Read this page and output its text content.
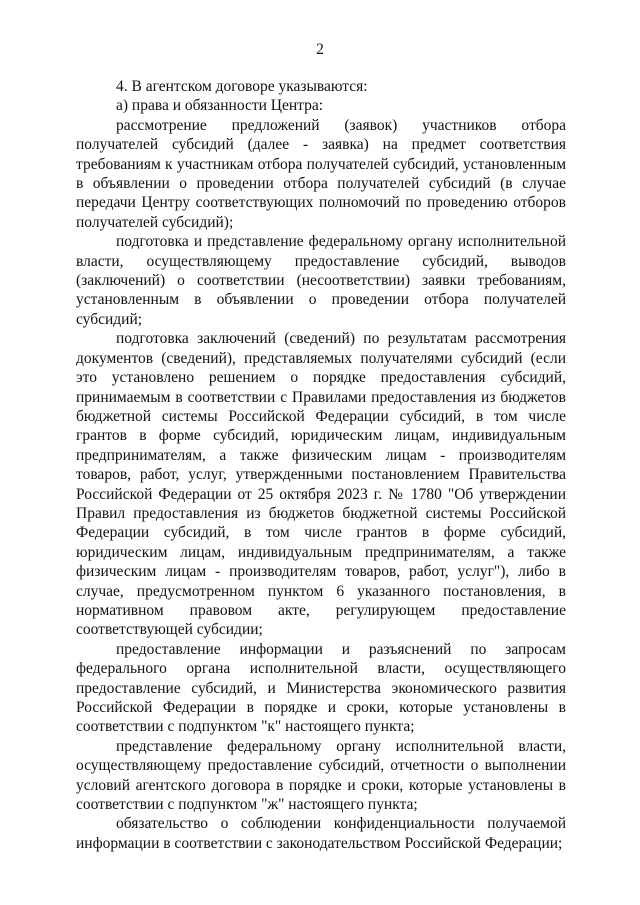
2

4. В агентском договоре указываются:

а) права и обязанности Центра:

рассмотрение предложений (заявок) участников отбора получателей субсидий (далее - заявка) на предмет соответствия требованиям к участникам отбора получателей субсидий, установленным в объявлении о проведении отбора получателей субсидий (в случае передачи Центру соответствующих полномочий по проведению отборов получателей субсидий);

подготовка и представление федеральному органу исполнительной власти, осуществляющему предоставление субсидий, выводов (заключений) о соответствии (несоответствии) заявки требованиям, установленным в объявлении о проведении отбора получателей субсидий;

подготовка заключений (сведений) по результатам рассмотрения документов (сведений), представляемых получателями субсидий (если это установлено решением о порядке предоставления субсидий, принимаемым в соответствии с Правилами предоставления из бюджетов бюджетной системы Российской Федерации субсидий, в том числе грантов в форме субсидий, юридическим лицам, индивидуальным предпринимателям, а также физическим лицам - производителям товаров, работ, услуг, утвержденными постановлением Правительства Российской Федерации от 25 октября 2023 г. № 1780 "Об утверждении Правил предоставления из бюджетов бюджетной системы Российской Федерации субсидий, в том числе грантов в форме субсидий, юридическим лицам, индивидуальным предпринимателям, а также физическим лицам - производителям товаров, работ, услуг"), либо в случае, предусмотренном пунктом 6 указанного постановления, в нормативном правовом акте, регулирующем предоставление соответствующей субсидии;

предоставление информации и разъяснений по запросам федерального органа исполнительной власти, осуществляющего предоставление субсидий, и Министерства экономического развития Российской Федерации в порядке и сроки, которые установлены в соответствии с подпунктом "к" настоящего пункта;

представление федеральному органу исполнительной власти, осуществляющему предоставление субсидий, отчетности о выполнении условий агентского договора в порядке и сроки, которые установлены в соответствии с подпунктом "ж" настоящего пункта;

обязательство о соблюдении конфиденциальности получаемой информации в соответствии с законодательством Российской Федерации;
